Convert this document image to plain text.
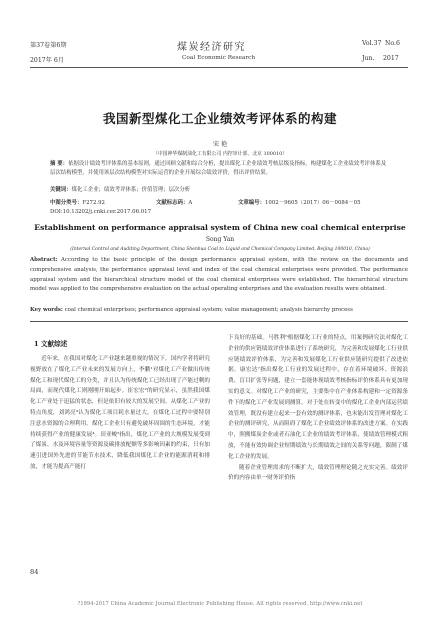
第37卷第6期	煤炭经济研究	Vol.37 No.6
2017年 6月	Coal Economic Research	Jun. 2017
我国新型煤化工企业绩效考评体系的构建
宋 艳
（中国神华煤制油化工有限公司 内控审计部，北京 100010）
摘 要：依据设计绩效考评体系的基本原则，通过回顾文献和综合分析，提出煤化工企业绩效考核层级及指标，构建煤化工企业绩效考评体系及层次结构模型，并使用该层次结构模型对实际运营的企业开展综合绩效评价，得出评价结果。
关键词：煤化工企业；绩效考评体系；价值管理；层次分析
中图分类号：F272.92	文献标志码：A	文章编号：1002－9605（2017）06－0084－05
DOI:10.13202/j.cnki.cer.2017.06.017
Establishment on performance appraisal system of China new coal chemical enterprise
Song Yan
(Internal Control and Auditing Department, China Shenhua Coal to Liquid and Chemical Company Limited, Beijing 100010, China)
Abstract: According to the basic principle of the design performance appraisal system, with the review on the documents and comprehensive analysis, the performance appraisal level and index of the coal chemical enterprises were provided. The performance appraisal system and the hierarchical structure model of the coal chemical enterprises were established. The hierarchical structure model was applied to the comprehensive evaluation on the actual operating enterprises and the evaluation results were obtained.
Key words: coal chemical enterprises; performance appraisal system; value management; analysis hierarchy process
1 文献综述

近年来，在我国对煤化工产业越来越重视的情况下，国内学者将研究视野放在了煤化工产业未来的发展方向上，李鹏¹对煤化工产业做出传统煤化工和现代煤化工的分类，并且认为传统煤化工已经出现了产能过剩的局面，而现代煤化工则刚刚开始起步。崔宏宏²的研究显示，虽然我国煤化工产业处于迅猛的状态，但是依旧有较大的发展空间。从煤化工产业的特点角度，刘鸿亮³认为煤化工项目耗水量过大，在煤化工过程中要特别注意水资源的合理利用。煤化工企业只有避免破坏周围的生态环境，才能持续获得产业的健康发展⁴。田亚峻⁵指出，煤化工产业的大规模发展受到了煤炭、水及环境容量等资源及碳排放配额等多影响因素的约束，只有加速引进国外先进的节能节水技术，降低我国煤化工企业的能源消耗和排放，才能为提高产能打

下良好的基础。马胜利⁶根据煤化工行业的特点，用案例研究法对煤化工企业的供应链绩效评价体系进行了系统研究，为完善和发展煤化工行业供应链绩效评价体系，为完善和发展煤化工行业供应链研究提供了改进依据。康宏达⁷指出煤化工行业的发展过程中，存在着环境破坏、资源浪费、盲目扩张等问题，建立一套能体现绩效考核指标评价体系具有更加现实的意义。对煤化工产业的研究，主要集中在产业体系构建和一定资源条件下的煤化工产业发展到测算。对于处在转变中的煤化工企业内部运营绩效管理，既没有建立起来一套有效的测评体系，也未能出发管理对煤化工企业的测评研究，从而阻碍了煤化工企业绩效评体系的改进方案。在实践中，照搬煤炭企业或者石油化工企业的绩效考评体系，使绩效管理模式粗放，不能有效协调企业短期绩效与长期绩效之间的关系等问题，限制了煤化工企业的发展。

随着企业管理需求的不断扩大，绩效管理理论随之充实完善。绩效评价的内容由单一财务评价指

84
?1994-2017 China Academic Journal Electronic Publishing House. All rights reserved. http://www.cnki.net
